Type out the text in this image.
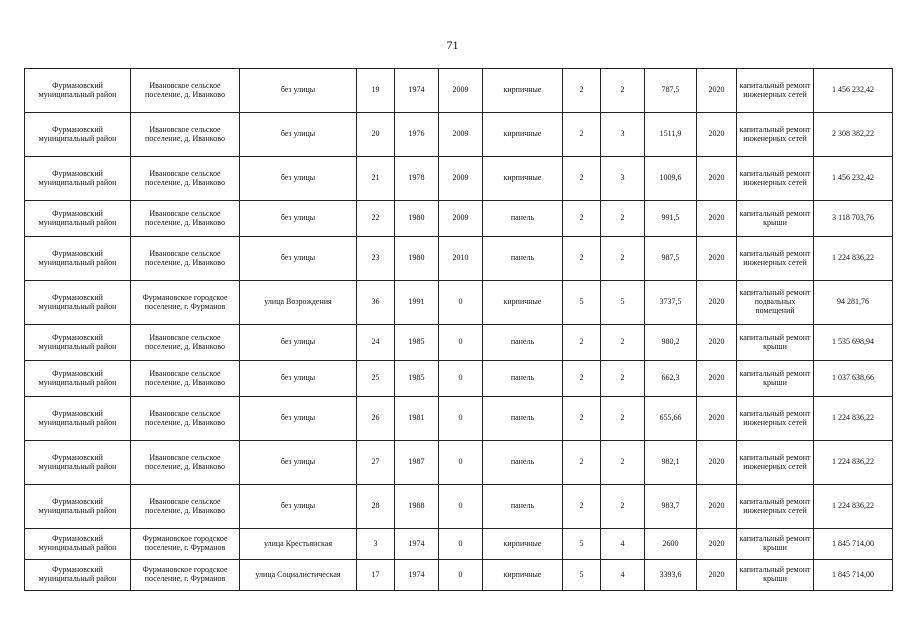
71
Фурмановский муниципальный район	Ивановское сельское поселение, д. Иванково	без улицы	19	1974	2009	кирпичные	2	2	787,5	2020	капитальный ремонт инженерных сетей	1 456 232,42
Фурмановский муниципальный район	Ивановское сельское поселение, д. Иванково	без улицы	20	1976	2009	кирпичные	2	3	1511,9	2020	капитальный ремонт инженерных сетей	2 308 382,22
Фурмановский муниципальный район	Ивановское сельское поселение, д. Иванково	без улицы	21	1978	2009	кирпичные	2	3	1009,6	2020	капитальный ремонт инженерных сетей	1 456 232,42
Фурмановский муниципальный район	Ивановское сельское поселение, д. Иванково	без улицы	22	1980	2009	панель	2	2	991,5	2020	капитальный ремонт крыши	3 118 703,76
Фурмановский муниципальный район	Ивановское сельское поселение, д. Иванково	без улицы	23	1980	2010	панель	2	2	987,5	2020	капитальный ремонт инженерных сетей	1 224 836,22
Фурмановский муниципальный район	Фурмановское городское поселение, г. Фурманов	улица Возрождения	36	1991	0	кирпичные	5	5	3737,5	2020	капитальный ремонт подвальных помещений	94 281,76
Фурмановский муниципальный район	Ивановское сельское поселение, д. Иванково	без улицы	24	1985	0	панель	2	2	980,2	2020	капитальный ремонт крыши	1 535 698,94
Фурмановский муниципальный район	Ивановское сельское поселение, д. Иванково	без улицы	25	1985	0	панель	2	2	662,3	2020	капитальный ремонт крыши	1 037 638,66
Фурмановский муниципальный район	Ивановское сельское поселение, д. Иванково	без улицы	26	1981	0	панель	2	2	655,66	2020	капитальный ремонт инженерных сетей	1 224 836,22
Фурмановский муниципальный район	Ивановское сельское поселение, д. Иванково	без улицы	27	1987	0	панель	2	2	982,1	2020	капитальный ремонт инженерных сетей	1 224 836,22
Фурмановский муниципальный район	Ивановское сельское поселение, д. Иванково	без улицы	28	1988	0	панель	2	2	983,7	2020	капитальный ремонт инженерных сетей	1 224 836,22
Фурмановский муниципальный район	Фурмановское городское поселение, г. Фурманов	улица Крестьянская	3	1974	0	кирпичные	5	4	2600	2020	капитальный ремонт крыши	1 845 714,00
Фурмановский муниципальный район	Фурмановское городское поселение, г. Фурманов	улица Социалистическая	17	1974	0	кирпичные	5	4	3393,6	2020	капитальный ремонт крыши	1 845 714,00
